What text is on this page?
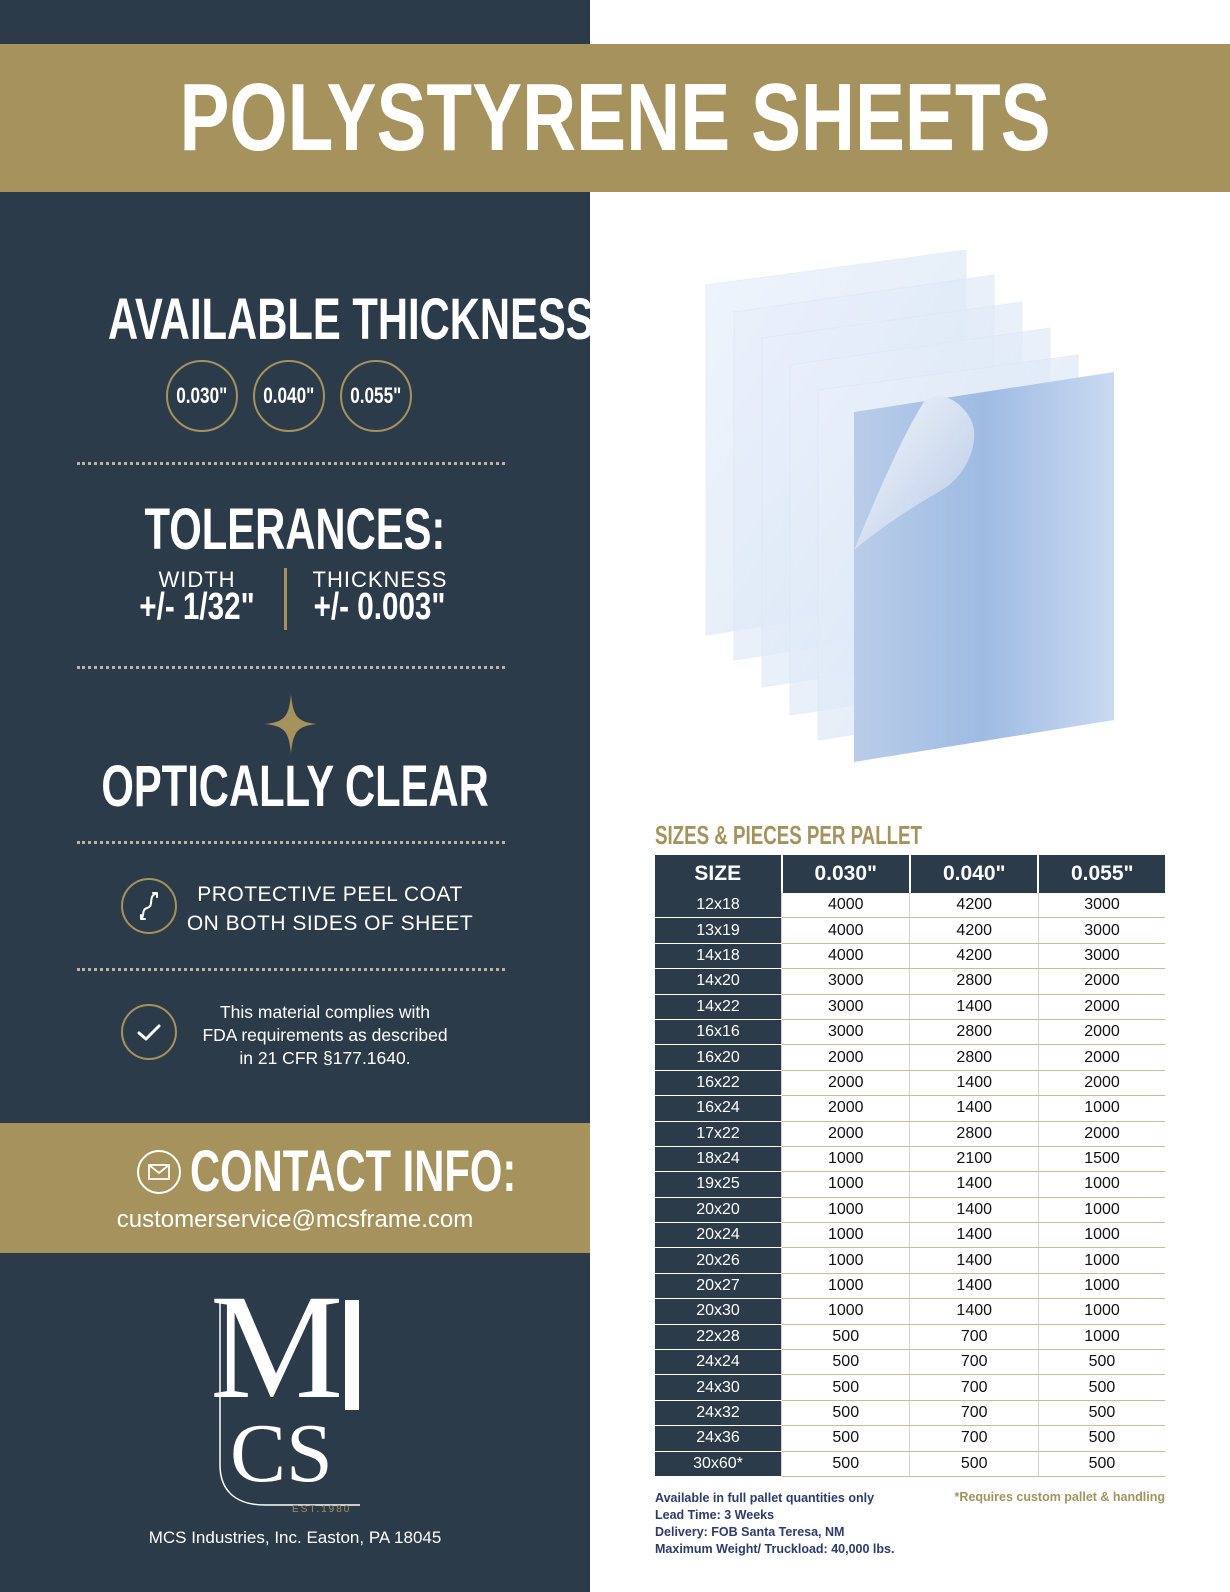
POLYSTYRENE SHEETS
AVAILABLE THICKNESSES:
0.030"	0.040"	0.055"
TOLERANCES:
WIDTH
+/- 1/32"
THICKNESS
+/- 0.003"
OPTICALLY CLEAR
PROTECTIVE PEEL COAT
ON BOTH SIDES OF SHEET
This material complies with
FDA requirements as described
in 21 CFR §177.1640.
CONTACT INFO:
customerservice@mcsframe.com
M
CS
EST.1980
MCS Industries, Inc. Easton, PA 18045
SIZES & PIECES PER PALLET
SIZE	0.030"	0.040"	0.055"
12x18	4000	4200	3000
13x19	4000	4200	3000
14x18	4000	4200	3000
14x20	3000	2800	2000
14x22	3000	1400	2000
16x16	3000	2800	2000
16x20	2000	2800	2000
16x22	2000	1400	2000
16x24	2000	1400	1000
17x22	2000	2800	2000
18x24	1000	2100	1500
19x25	1000	1400	1000
20x20	1000	1400	1000
20x24	1000	1400	1000
20x26	1000	1400	1000
20x27	1000	1400	1000
20x30	1000	1400	1000
22x28	500	700	1000
24x24	500	700	500
24x30	500	700	500
24x32	500	700	500
24x36	500	700	500
30x60*	500	500	500
Available in full pallet quantities only
Lead Time: 3 Weeks
Delivery: FOB Santa Teresa, NM
Maximum Weight/ Truckload: 40,000 lbs.
*Requires custom pallet & handling
